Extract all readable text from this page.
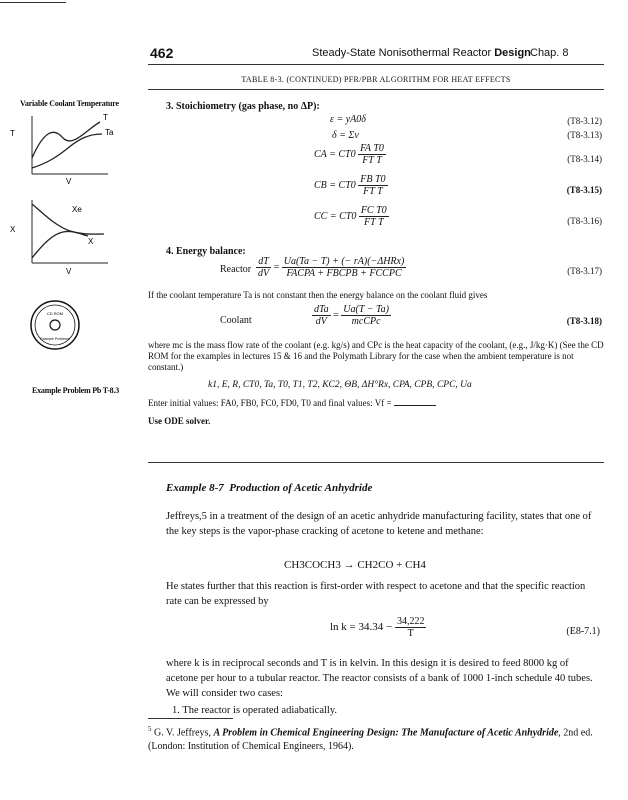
462	Steady-State Nonisothermal Reactor Design Chap. 8
TABLE 8-3. (CONTINUED) PFR/PBR ALGORITHM FOR HEAT EFFECTS
Variable Coolant Temperature
T
V
T
Ta
X
V
Xe
X
CD ROM
Example Problems
Example Problem Pb T-8.3
3. Stoichiometry (gas phase, no ΔP):
ε = yA0δ	(T8-3.12)
δ = Σν	(T8-3.13)
CA = $CT0 \frac{\text{FA T0}}{\text{FT T}}$	(T8-3.14)
CB = $CT0 \frac{\text{FB T0}}{\text{FT T}}$	(T8-3.15)
CC = $CT0 \frac{\text{FC T0}}{\text{FT T}}$	(T8-3.16)
4. Energy balance:
Reactor $\frac{dT}{dV} = \frac{\text{Ua(Ta − T) + (− rA)(−ΔHRx)}}{\text{FACPA + FBCPB + FCCPC}}$	(T8-3.17)
If the coolant temperature Ta is not constant then the energy balance on the coolant fluid gives
Coolant	$\frac{\text{dTa}}{dV} = \frac{Ua(T - Ta)}{\text{mcCPc}}$	(T8-3.18)
where mc is the mass flow rate of the coolant (e.g. kg/s) and CPc is the heat capacity of the coolant, (e.g., J/kg·K) (See the CD ROM for the examples in lectures 15 & 16 and the Polymath Library for the case when the ambient temperature is not constant.)
k1, E, R, CT0, Ta, T0, T1, T2, KC2, ΘB, ΔH°Rx, CPA, CPB, CPC, Ua
Enter initial values: FA0, FB0, FC0, FD0, T0 and final values: Vf =
Use ODE solver.
Example 8-7 Production of Acetic Anhydride
Jeffreys,5 in a treatment of the design of an acetic anhydride manufacturing facility, states that one of the key steps is the vapor-phase cracking of acetone to ketene and methane:
CH3COCH3 → CH2CO + CH4
He states further that this reaction is first-order with respect to acetone and that the specific reaction rate can be expressed by
$\ln k = 34.34 - \frac{34,222}{T}$	(E8-7.1)
where k is in reciprocal seconds and T is in kelvin. In this design it is desired to feed 8000 kg of acetone per hour to a tubular reactor. The reactor consists of a bank of 1000 1-inch schedule 40 tubes. We will consider two cases:
1. The reactor is operated adiabatically.
$^5$ G. V. Jeffreys, A Problem in Chemical Engineering Design: The Manufacture of Acetic Anhydride, 2nd ed. (London: Institution of Chemical Engineers, 1964).
